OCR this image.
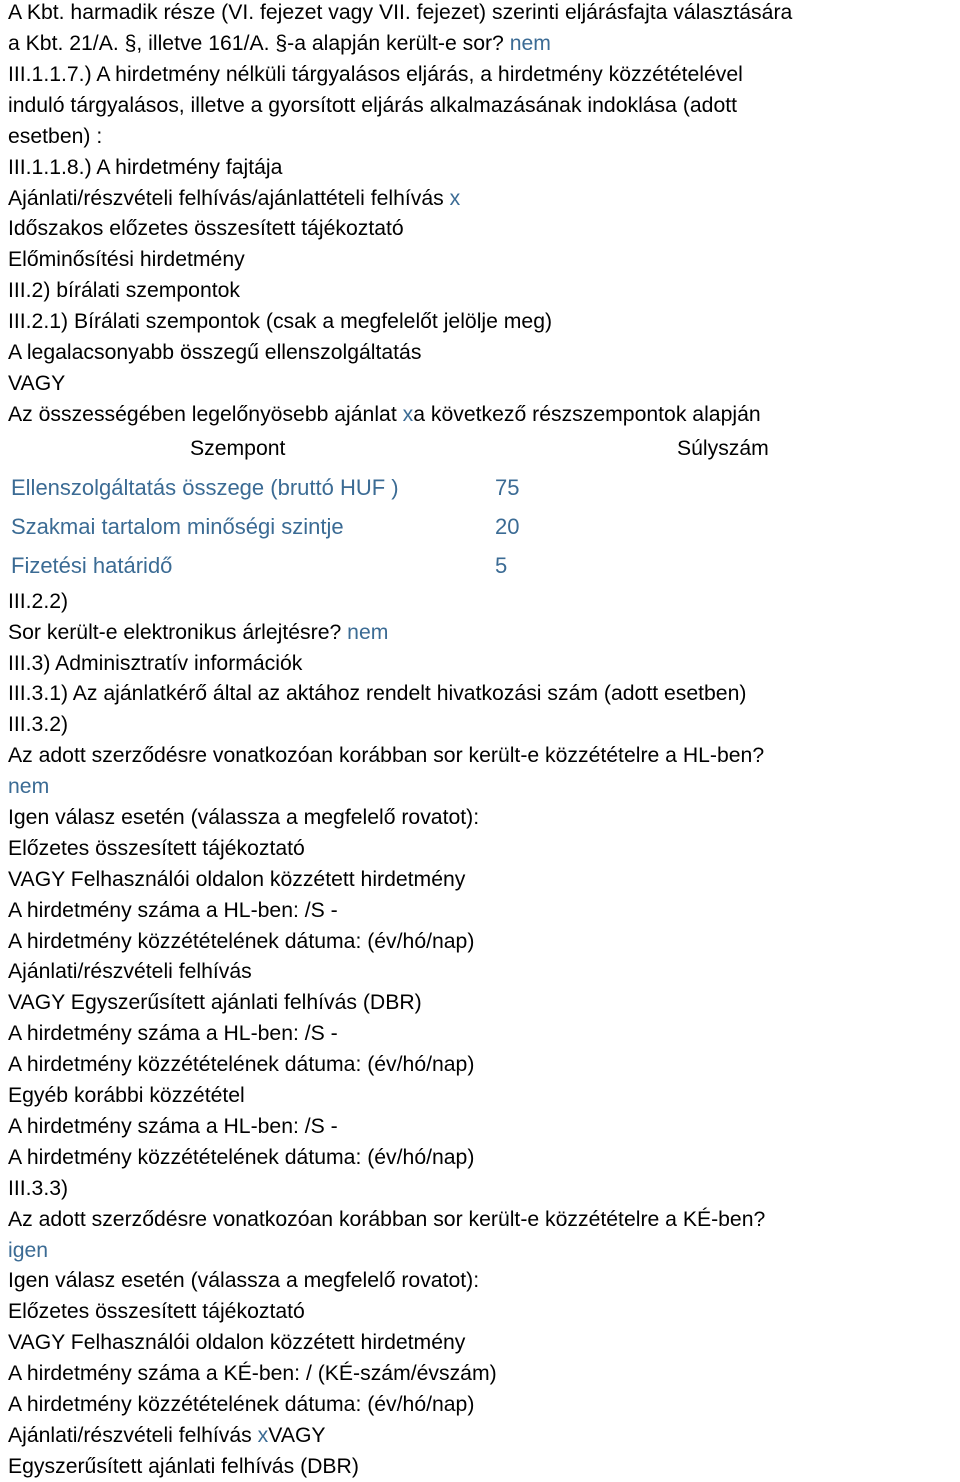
A Kbt. harmadik része (VI. fejezet vagy VII. fejezet) szerinti eljárásfajta választására
a Kbt. 21/A. §, illetve 161/A. §-a alapján került-e sor? nem
III.1.1.7.) A hirdetmény nélküli tárgyalásos eljárás, a hirdetmény közzétételével
induló tárgyalásos, illetve a gyorsított eljárás alkalmazásának indoklása (adott
esetben) :
III.1.1.8.) A hirdetmény fajtája
Ajánlati/részvételi felhívás/ajánlattételi felhívás x
Időszakos előzetes összesített tájékoztató
Előminősítési hirdetmény
III.2) bírálati szempontok
III.2.1) Bírálati szempontok (csak a megfelelőt jelölje meg)
A legalacsonyabb összegű ellenszolgáltatás
VAGY
Az összességében legelőnyösebb ajánlat xa következő részszempontok alapján
Szempont	Súlyszám
Ellenszolgáltatás összege (bruttó HUF )	75
Szakmai tartalom minőségi szintje	20
Fizetési határidő	5
III.2.2)
Sor került-e elektronikus árlejtésre? nem
III.3) Adminisztratív információk
III.3.1) Az ajánlatkérő által az aktához rendelt hivatkozási szám (adott esetben)
III.3.2)
Az adott szerződésre vonatkozóan korábban sor került-e közzétételre a HL-ben?
nem
Igen válasz esetén (válassza a megfelelő rovatot):
Előzetes összesített tájékoztató
VAGY Felhasználói oldalon közzétett hirdetmény
A hirdetmény száma a HL-ben: /S -
A hirdetmény közzétételének dátuma: (év/hó/nap)
Ajánlati/részvételi felhívás
VAGY Egyszerűsített ajánlati felhívás (DBR)
A hirdetmény száma a HL-ben: /S -
A hirdetmény közzétételének dátuma: (év/hó/nap)
Egyéb korábbi közzététel
A hirdetmény száma a HL-ben: /S -
A hirdetmény közzétételének dátuma: (év/hó/nap)
III.3.3)
Az adott szerződésre vonatkozóan korábban sor került-e közzétételre a KÉ-ben?
igen
Igen válasz esetén (válassza a megfelelő rovatot):
Előzetes összesített tájékoztató
VAGY Felhasználói oldalon közzétett hirdetmény
A hirdetmény száma a KÉ-ben: / (KÉ-szám/évszám)
A hirdetmény közzétételének dátuma: (év/hó/nap)
Ajánlati/részvételi felhívás xVAGY
Egyszerűsített ajánlati felhívás (DBR)
